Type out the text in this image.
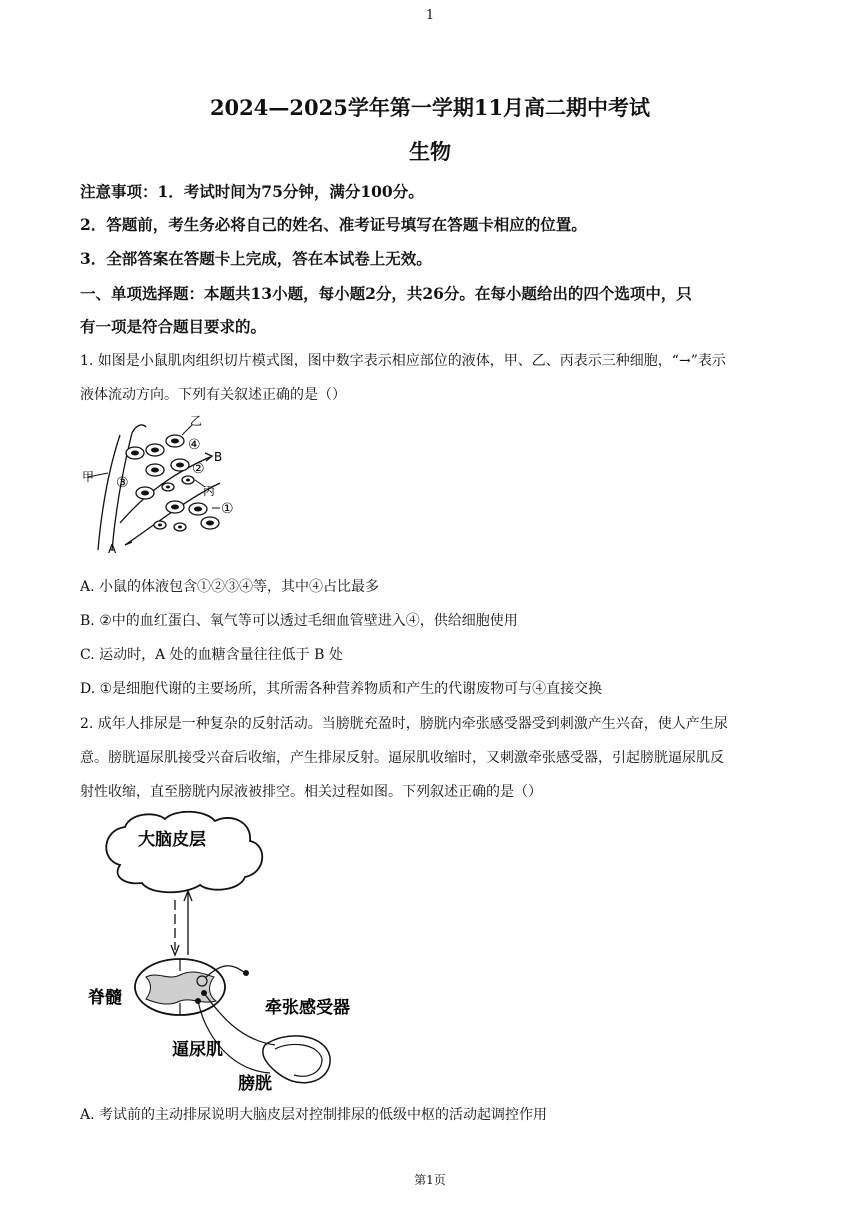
1
2024—2025学年第一学期11月高二期中考试
生物
注意事项：1．考试时间为75分钟，满分100分。
2．答题前，考生务必将自己的姓名、准考证号填写在答题卡相应的位置。
3．全部答案在答题卡上完成，答在本试卷上无效。
一、单项选择题：本题共13小题，每小题2分，共26分。在每小题给出的四个选项中，只
有一项是符合题目要求的。
1. 如图是小鼠肌肉组织切片模式图，图中数字表示相应部位的液体，甲、乙、丙表示三种细胞，“→”表示
液体流动方向。下列有关叙述正确的是（）
甲
乙
丙
①
②
③
④
A
B
A. 小鼠的体液包含①②③④等，其中④占比最多
B. ②中的血红蛋白、氧气等可以透过毛细血管壁进入④，供给细胞使用
C. 运动时，A 处的血糖含量往往低于 B 处
D. ①是细胞代谢的主要场所，其所需各种营养物质和产生的代谢废物可与④直接交换
2. 成年人排尿是一种复杂的反射活动。当膀胱充盈时，膀胱内牵张感受器受到刺激产生兴奋，使人产生尿
意。膀胱逼尿肌接受兴奋后收缩，产生排尿反射。逼尿肌收缩时，又刺激牵张感受器，引起膀胱逼尿肌反
射性收缩，直至膀胱内尿液被排空。相关过程如图。下列叙述正确的是（）
大脑皮层
脊髓	牵张感受器
逼尿肌
膀胱
A. 考试前的主动排尿说明大脑皮层对控制排尿的低级中枢的活动起调控作用
第1页
